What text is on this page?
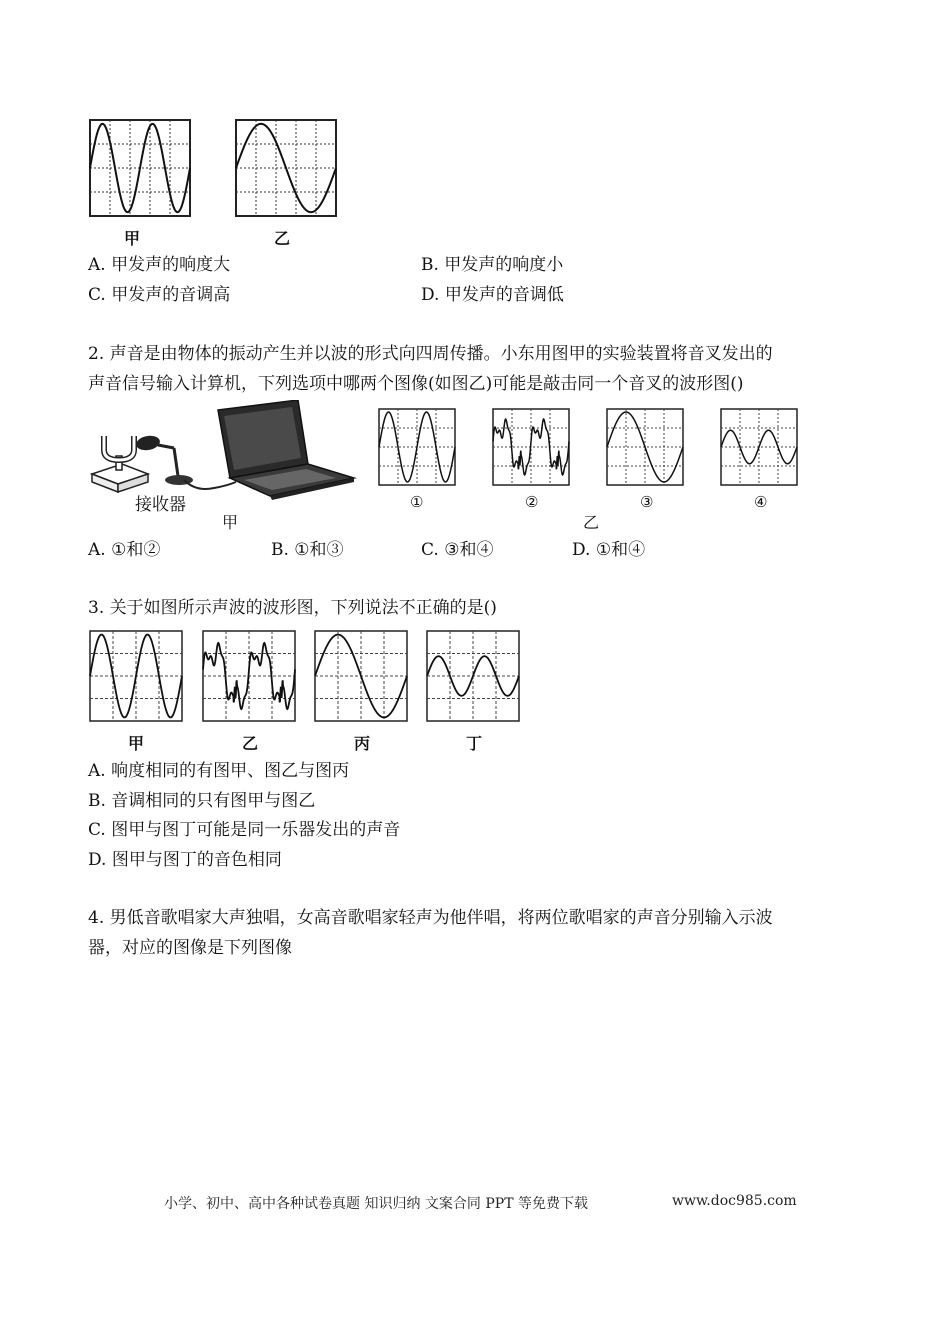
甲	乙
A. 甲发声的响度大	B. 甲发声的响度小
C. 甲发声的音调高	D. 甲发声的音调低
2. 声音是由物体的振动产生并以波的形式向四周传播。小东用图甲的实验装置将音叉发出的
声音信号输入计算机，下列选项中哪两个图像(如图乙)可能是敲击同一个音叉的波形图()
接收器
甲
①	②	③	④
乙
A. ①和②	B. ①和③	C. ③和④	D. ①和④
3. 关于如图所示声波的波形图，下列说法不正确的是()
甲	乙	丙	丁
A. 响度相同的有图甲、图乙与图丙
B. 音调相同的只有图甲与图乙
C. 图甲与图丁可能是同一乐器发出的声音
D. 图甲与图丁的音色相同
4. 男低音歌唱家大声独唱，女高音歌唱家轻声为他伴唱，将两位歌唱家的声音分别输入示波
器，对应的图像是下列图像
小学、初中、高中各种试卷真题 知识归纳 文案合同 PPT 等免费下载	www.doc985.com
